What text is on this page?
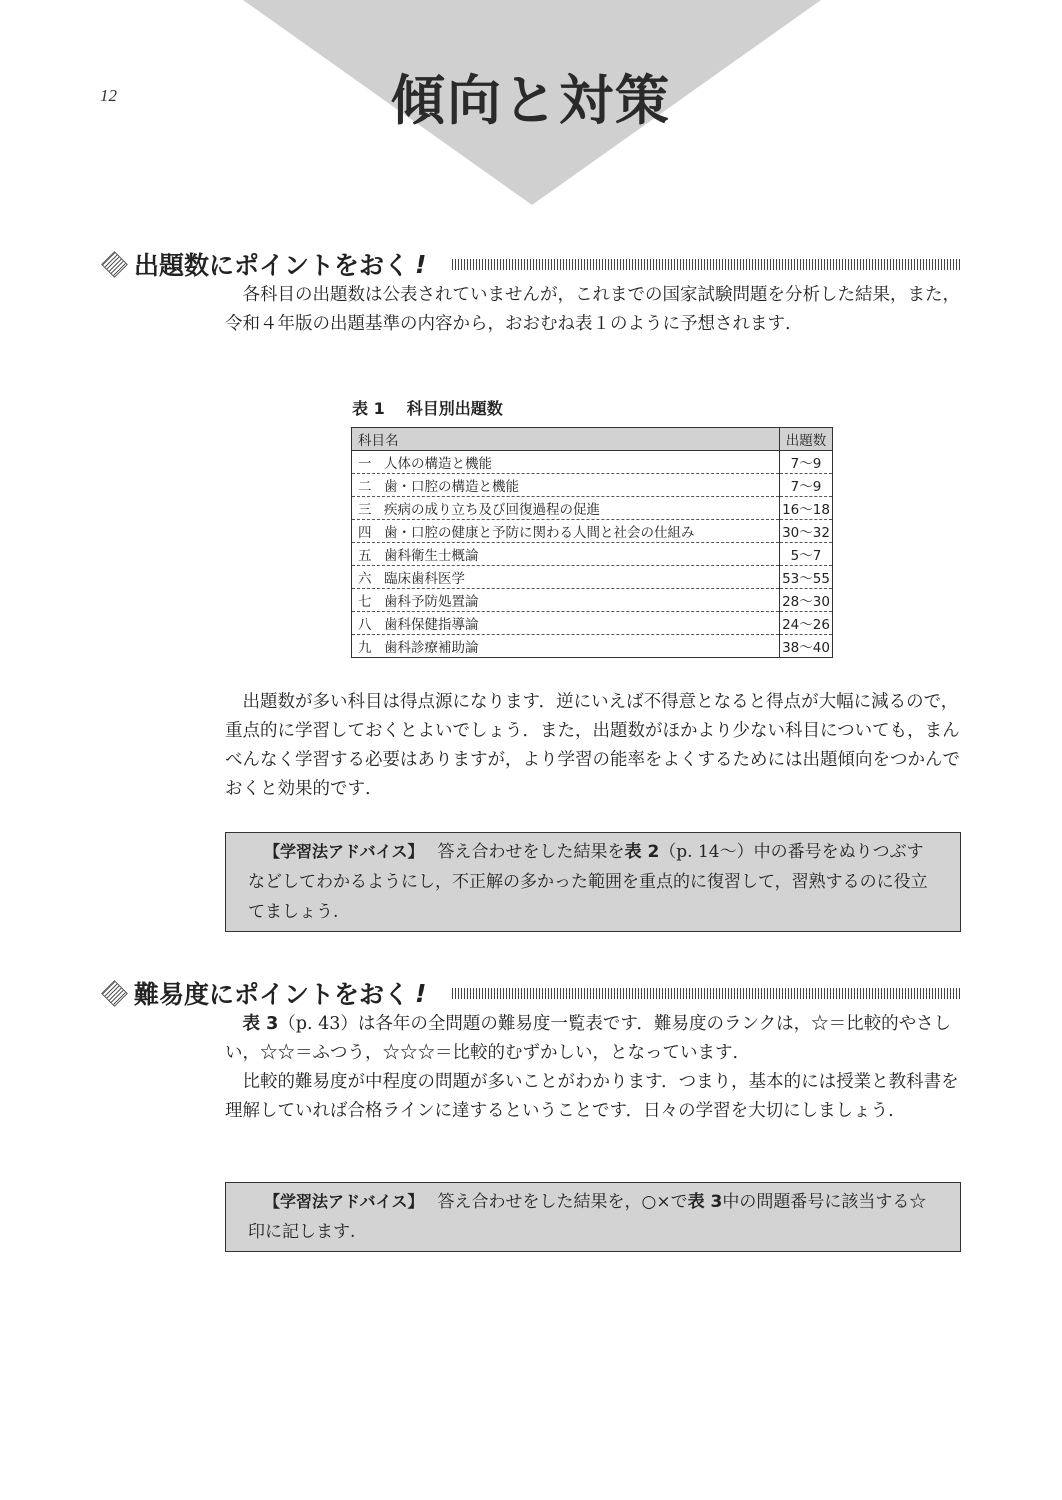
12	傾向と対策
出題数にポイントをおく !

各科目の出題数は公表されていませんが，これまでの国家試験問題を分析した結果，また，令和４年版の出題基準の内容から，おおむね表１のように予想されます.

表 1 科目別出題数
科目名	出題数
一 人体の構造と機能	7～9
二 歯・口腔の構造と機能	7～9
三 疾病の成り立ち及び回復過程の促進	16～18
四 歯・口腔の健康と予防に関わる人間と社会の仕組み	30～32
五 歯科衛生士概論	5～7
六 臨床歯科医学	53～55
七 歯科予防処置論	28～30
八 歯科保健指導論	24～26
九 歯科診療補助論	38～40

出題数が多い科目は得点源になります．逆にいえば不得意となると得点が大幅に減るので，重点的に学習しておくとよいでしょう．また，出題数がほかより少ない科目についても，まんべんなく学習する必要はありますが，より学習の能率をよくするためには出題傾向をつかんでおくと効果的です.

【学習法アドバイス】 答え合わせをした結果を表 2（p. 14～）中の番号をぬりつぶすなどしてわかるようにし，不正解の多かった範囲を重点的に復習して，習熟するのに役立てましょう.
難易度にポイントをおく !

表 3（p. 43）は各年の全問題の難易度一覧表です．難易度のランクは，☆＝比較的やさしい，☆☆＝ふつう，☆☆☆＝比較的むずかしい，となっています.

比較的難易度が中程度の問題が多いことがわかります．つまり，基本的には授業と教科書を理解していれば合格ラインに達するということです．日々の学習を大切にしましょう.

【学習法アドバイス】 答え合わせをした結果を，○×で表 3中の問題番号に該当する☆印に記します.
